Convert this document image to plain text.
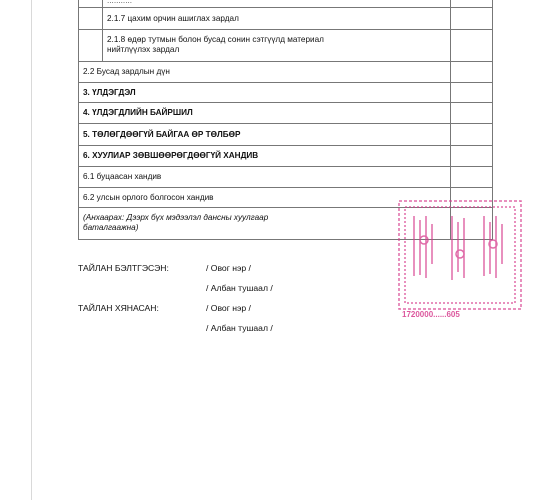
...........
2.1.7 цахим орчин ашиглах зардал
2.1.8 өдөр тутмын болон бусад сонин сэтгүүлд материал нийтлүүлэх зардал
2.2 Бусад зардлын дүн
3. ҮЛДЭГДЭЛ
4. ҮЛДЭГДЛИЙН БАЙРШИЛ
5. ТӨЛӨГДӨӨГҮЙ БАЙГАА ӨР ТӨЛБӨР
6. ХУУЛИАР ЗӨВШӨӨРӨГДӨӨГҮЙ ХАНДИВ
6.1 буцаасан хандив
6.2 улсын орлого болгосон хандив
(Анхаарах: Дээрх бүх мэдээлэл дансны хуулгаар баталгаажна)
ТАЙЛАН БЭЛТГЭСЭН:	/ Овог нэр /
/ Албан тушаал /
ТАЙЛАН ХЯНАСАН:	/ Овог нэр /
/ Албан тушаал /
1720000......605
